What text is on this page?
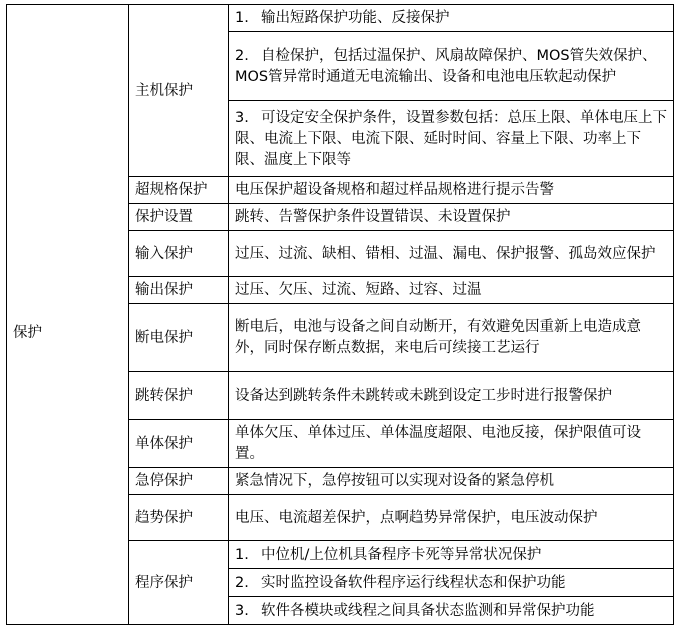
保护	主机保护	1. 输出短路保护功能、反接保护
		2. 自检保护，包括过温保护、风扇故障保护、MOS管失效保护、MOS管异常时通道无电流输出、设备和电池电压软起动保护
		3. 可设定安全保护条件，设置参数包括：总压上限、单体电压上下限、电流上下限、电流下限、延时时间、容量上下限、功率上下限、温度上下限等
	超规格保护	电压保护超设备规格和超过样品规格进行提示告警
	保护设置	跳转、告警保护条件设置错误、未设置保护
	输入保护	过压、过流、缺相、错相、过温、漏电、保护报警、孤岛效应保护
	输出保护	过压、欠压、过流、短路、过容、过温
	断电保护	断电后，电池与设备之间自动断开，有效避免因重新上电造成意外，同时保存断点数据，来电后可续接工艺运行
	跳转保护	设备达到跳转条件未跳转或未跳到设定工步时进行报警保护
	单体保护	单体欠压、单体过压、单体温度超限、电池反接，保护限值可设置。
	急停保护	紧急情况下，急停按钮可以实现对设备的紧急停机
	趋势保护	电压、电流超差保护，点啊趋势异常保护，电压波动保护
	程序保护	1. 中位机/上位机具备程序卡死等异常状况保护
		2. 实时监控设备软件程序运行线程状态和保护功能
		3. 软件各模块或线程之间具备状态监测和异常保护功能
